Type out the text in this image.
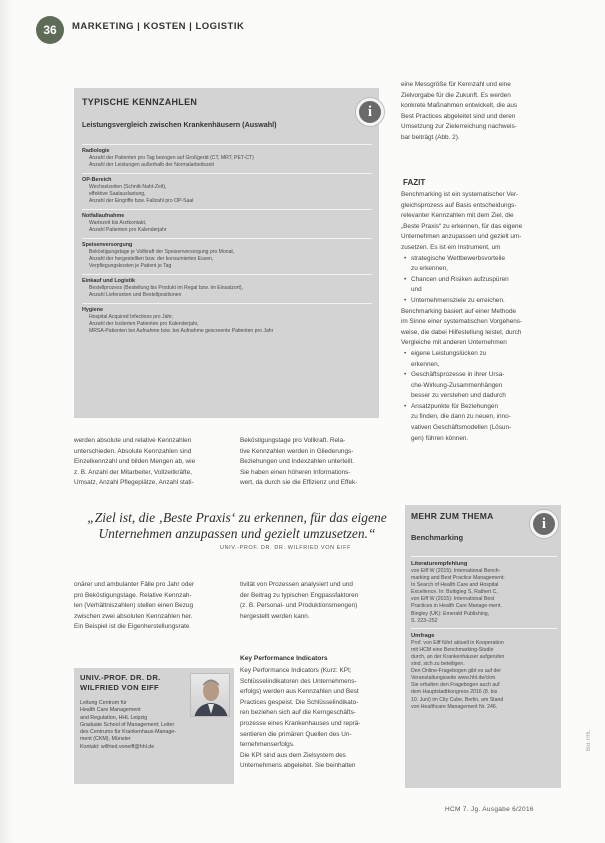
36	MARKETING | KOSTEN | LOGISTIK
i
TYPISCHE KENNZAHLEN
Leistungsvergleich zwischen Krankenhäusern (Auswahl)
Radiologie
Anzahl der Patienten pro Tag bezogen auf Großgerät (CT, MRT, PET-CT)
Anzahl der Leistungen außerhalb der Normalarbeitszeit
OP-Bereich
Wechselzeiten (Schnitt-Naht-Zeit),
effektive Saalauslastung,
Anzahl der Eingriffe bzw. Fallzahl pro OP-Saal
Notfallaufnahme
Wartezeit bis Arztkontakt,
Anzahl Patienten pro Kalenderjahr
Speisenversorgung
Beköstigungstage je Vollkraft der Speisenversorgung pro Monat,
Anzahl der hergestellten bzw. der konsumierten Essen,
Verpflegungskosten je Patient je Tag
Einkauf und Logistik
Bestellprozess (Bestellung bis Produkt im Regal bzw. im Einsatzort),
Anzahl Lieferanten und Bestellpositionen
Hygiene
Hospital Acquired Infections pro Jahr,
Anzahl der Isolierten Patienten pro Kalenderjahr,
MRSA-Patienten bei Aufnahme bzw. bei Aufnahme gescreente Patienten pro Jahr

eine Messgröße für Kennzahl und eine

Zielvorgabe für die Zukunft. Es werden

konkrete Maßnahmen entwickelt, die aus

Best Practices abgeleitet sind und deren

Umsetzung zur Zielerreichung nachweis-

bar beiträgt (Abb. 2).

FAZIT

Benchmarking ist ein systematischer Ver-

gleichsprozess auf Basis entscheidungs-

relevanter Kennzahlen mit dem Ziel, die

„Beste Praxis“ zu erkennen, für das eigene

Unternehmen anzupassen und gezielt um-

zusetzen. Es ist ein Instrument, um

• strategische Wettbewerbsvorteile

zu erkennen,

• Chancen und Risiken aufzuspüren

und

• Unternehmensziele zu erreichen.

Benchmarking basiert auf einer Methode

im Sinne einer systematischen Vorgehens-

weise, die dabei Hilfestellung leistet, durch

Vergleiche mit anderen Unternehmen

• eigene Leistungslücken zu

erkennen,

• Geschäftsprozesse in ihrer Ursa-

che-Wirkung-Zusammenhängen

besser zu verstehen und dadurch

• Ansatzpunkte für Beziehungen

zu finden, die dann zu neuen, inno-

vativen Geschäftsmodellen (Lösun-

gen) führen können.

werden absolute und relative Kennzahlen

unterschieden. Absolute Kennzahlen sind

Einzelkennzahl und bilden Mengen ab, wie

z. B. Anzahl der Mitarbeiter, Vollzeitkräfte,

Umsatz, Anzahl Pflegeplätze, Anzahl stati-

Beköstigungstage pro Vollkraft. Rela-

tive Kennzahlen werden in Gliederungs-

Beziehungen und Indexzahlen unterteilt.

Sie haben einen höheren Informations-

wert, da durch sie die Effizienz und Effek-

„Ziel ist, die ‚Beste Praxis‘ zu erkennen, für das eigene Unternehmen anzupassen und gezielt umzusetzen.“
UNIV.-PROF. DR. DR. WILFRIED VON EIFF

onärer und ambulanter Fälle pro Jahr oder

pro Beköstigungstage. Relative Kennzah-

len (Verhältniszahlen) stellen einen Bezug

zwischen zwei absoluten Kennzahlen her.

Ein Beispiel ist die Eigenherstellungsrate

tivität von Prozessen analysiert und und

der Beitrag zu typischen Engpassfaktoren

(z. B. Personal- und Produktionsmengen)

hergestellt werden kann.

Key Performance Indicators

Key Performance Indicators (Kurz: KPI;

Schlüsselindikatoren des Unternehmens-

erfolgs) werden aus Kennzahlen und Best

Practices gespeist. Die Schlüsselindikato-

ren beziehen sich auf die Kerngeschäfts-

prozesse eines Krankenhauses und reprä-

sentieren die primären Quellen des Un-

ternehmenserfolgs.

Die KPI sind aus dem Zielsystem des

Unternehmens abgeleitet. Sie beinhalten

UNIV.-PROF. DR. DR.
WILFRIED VON EIFF

Leitung Centrum für

Health Care Management

and Regulation, HHL Leipzig

Graduate School of Management; Leiter

des Centrums für Krankenhaus-Manage-

ment (CKM), Münster

Kontakt: wilfried.voneiff@hhl.de

i
MEHR ZUM THEMA
Benchmarking
Literaturempfehlung
von Eiff W (2015): International Bench-
marking and Best Practice Management:
In Search of Health Care and Hospital
Excellence. In: Buttigieg S, Rathert C,
von Eiff W (2015): International Best
Practices in Health Care Manage-ment.
Bingley (UK): Emerald Publishing,
S. 223–252
Umfrage
Prof. von Eiff führt aktuell in Kooperation
mit HCM eine Benchmarking-Studie
durch, an der Krankenhäuser aufgerufen
sind, sich zu beteiligen.
Den Online-Fragebogen gibt es auf der
Veranstaltungsseite www.hhl.de/ckm.
Sie erhalten den Fragebogen auch auf
dem Hauptstadtkongress 2016 (8. bis
10. Juni) im City Cube, Berlin, am Stand
von Healthcare Management Nr. 246.
HCM 7. Jg. Ausgabe 6/2016
Bild: HHL
